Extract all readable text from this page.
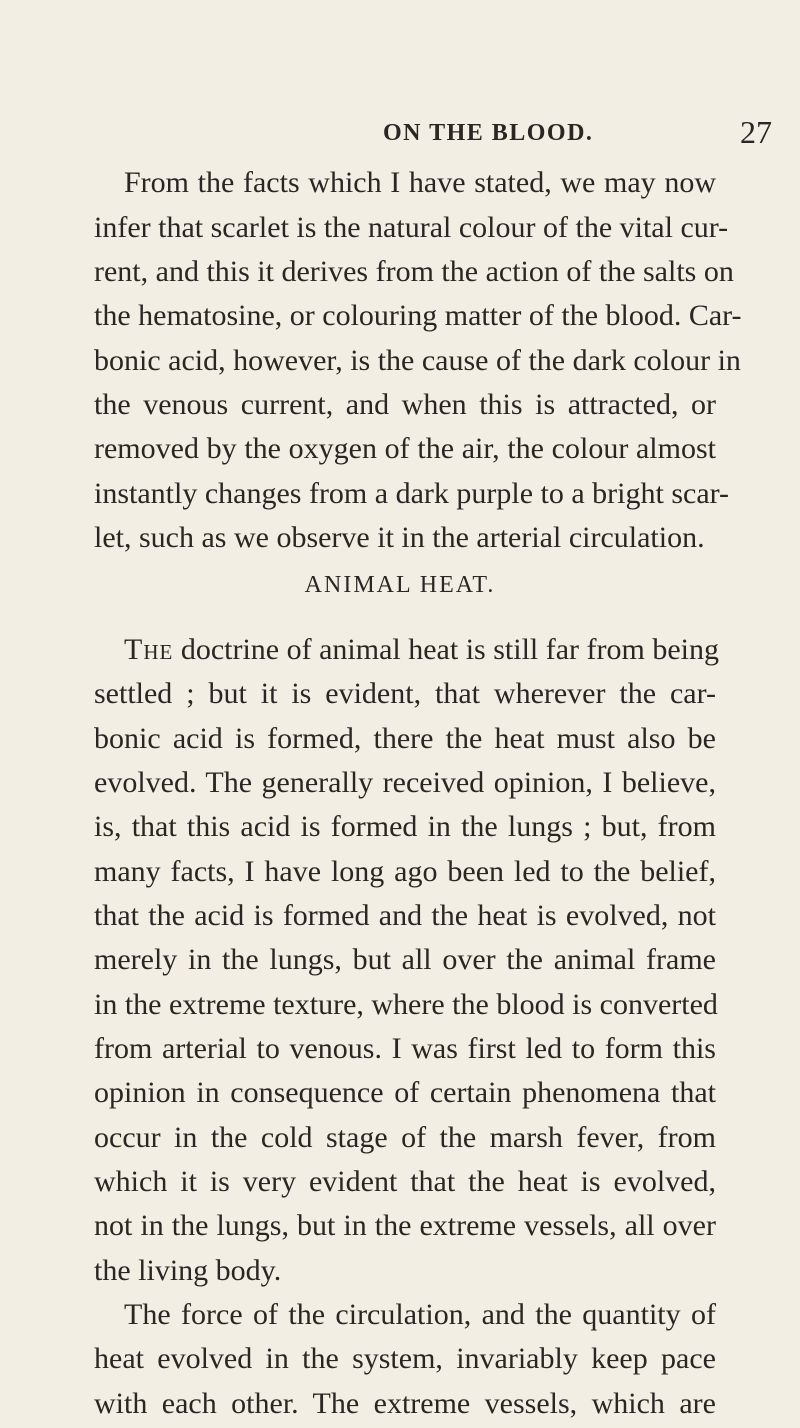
ON THE BLOOD.	27
From the facts which I have stated, we may now
infer that scarlet is the natural colour of the vital cur-
rent, and this it derives from the action of the salts on
the hematosine, or colouring matter of the blood. Car-
bonic acid, however, is the cause of the dark colour in
the venous current, and when this is attracted, or
removed by the oxygen of the air, the colour almost
instantly changes from a dark purple to a bright scar-
let, such as we observe it in the arterial circulation.
ANIMAL HEAT.
The doctrine of animal heat is still far from being
settled ; but it is evident, that wherever the car-
bonic acid is formed, there the heat must also be
evolved. The generally received opinion, I believe,
is, that this acid is formed in the lungs ; but, from
many facts, I have long ago been led to the belief,
that the acid is formed and the heat is evolved, not
merely in the lungs, but all over the animal frame
in the extreme texture, where the blood is converted
from arterial to venous. I was first led to form this
opinion in consequence of certain phenomena that
occur in the cold stage of the marsh fever, from
which it is very evident that the heat is evolved,
not in the lungs, but in the extreme vessels, all over
the living body.
The force of the circulation, and the quantity of
heat evolved in the system, invariably keep pace
with each other. The extreme vessels, which are
